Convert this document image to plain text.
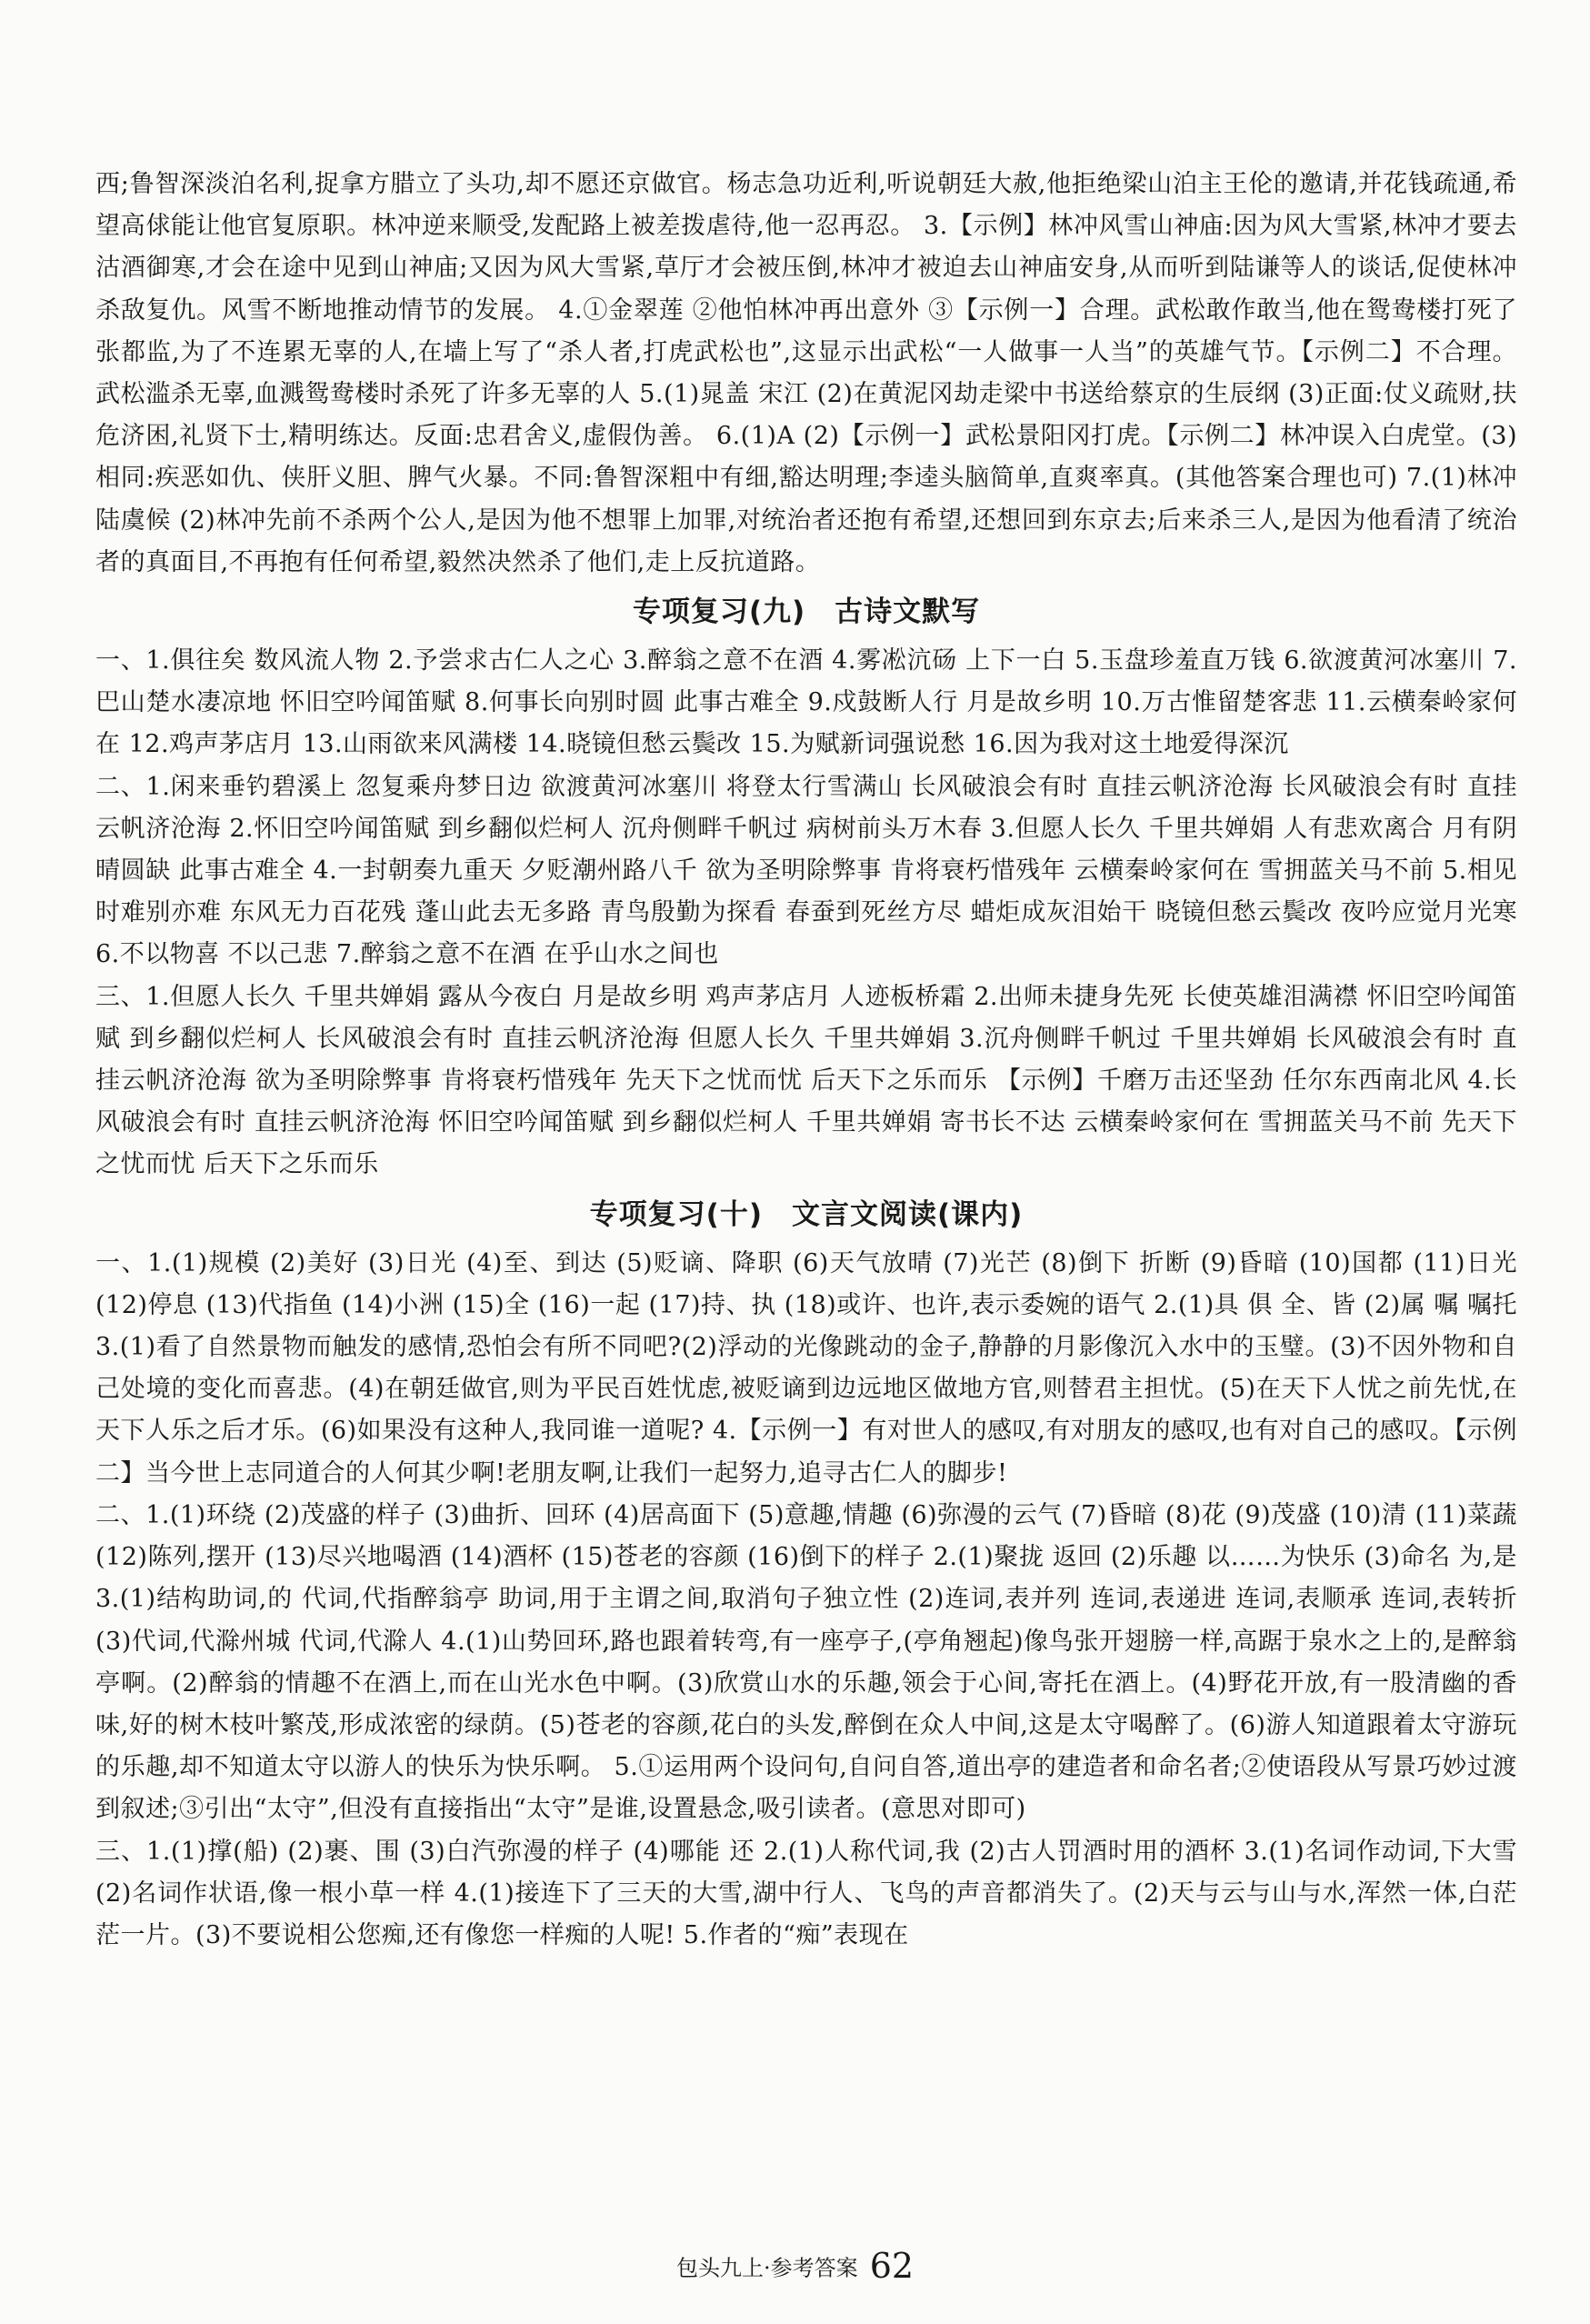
西;鲁智深淡泊名利,捉拿方腊立了头功,却不愿还京做官。杨志急功近利,听说朝廷大赦,他拒绝梁山泊主王伦的邀请,并花钱疏通,希望高俅能让他官复原职。林冲逆来顺受,发配路上被差拨虐待,他一忍再忍。 3.【示例】林冲风雪山神庙:因为风大雪紧,林冲才要去沽酒御寒,才会在途中见到山神庙;又因为风大雪紧,草厅才会被压倒,林冲才被迫去山神庙安身,从而听到陆谦等人的谈话,促使林冲杀敌复仇。风雪不断地推动情节的发展。 4.①金翠莲 ②他怕林冲再出意外 ③【示例一】合理。武松敢作敢当,他在鸳鸯楼打死了张都监,为了不连累无辜的人,在墙上写了“杀人者,打虎武松也”,这显示出武松“一人做事一人当”的英雄气节。【示例二】不合理。武松滥杀无辜,血溅鸳鸯楼时杀死了许多无辜的人 5.(1)晁盖 宋江 (2)在黄泥冈劫走梁中书送给蔡京的生辰纲 (3)正面:仗义疏财,扶危济困,礼贤下士,精明练达。反面:忠君舍义,虚假伪善。 6.(1)A (2)【示例一】武松景阳冈打虎。【示例二】林冲误入白虎堂。(3)相同:疾恶如仇、侠肝义胆、脾气火暴。不同:鲁智深粗中有细,豁达明理;李逵头脑简单,直爽率真。(其他答案合理也可) 7.(1)林冲 陆虞候 (2)林冲先前不杀两个公人,是因为他不想罪上加罪,对统治者还抱有希望,还想回到东京去;后来杀三人,是因为他看清了统治者的真面目,不再抱有任何希望,毅然决然杀了他们,走上反抗道路。

专项复习(九)　古诗文默写

一、1.俱往矣 数风流人物 2.予尝求古仁人之心 3.醉翁之意不在酒 4.雾凇沆砀 上下一白 5.玉盘珍羞直万钱 6.欲渡黄河冰塞川 7.巴山楚水凄凉地 怀旧空吟闻笛赋 8.何事长向别时圆 此事古难全 9.戍鼓断人行 月是故乡明 10.万古惟留楚客悲 11.云横秦岭家何在 12.鸡声茅店月 13.山雨欲来风满楼 14.晓镜但愁云鬓改 15.为赋新词强说愁 16.因为我对这土地爱得深沉

二、1.闲来垂钓碧溪上 忽复乘舟梦日边 欲渡黄河冰塞川 将登太行雪满山 长风破浪会有时 直挂云帆济沧海 长风破浪会有时 直挂云帆济沧海 2.怀旧空吟闻笛赋 到乡翻似烂柯人 沉舟侧畔千帆过 病树前头万木春 3.但愿人长久 千里共婵娟 人有悲欢离合 月有阴晴圆缺 此事古难全 4.一封朝奏九重天 夕贬潮州路八千 欲为圣明除弊事 肯将衰朽惜残年 云横秦岭家何在 雪拥蓝关马不前 5.相见时难别亦难 东风无力百花残 蓬山此去无多路 青鸟殷勤为探看 春蚕到死丝方尽 蜡炬成灰泪始干 晓镜但愁云鬓改 夜吟应觉月光寒 6.不以物喜 不以己悲 7.醉翁之意不在酒 在乎山水之间也

三、1.但愿人长久 千里共婵娟 露从今夜白 月是故乡明 鸡声茅店月 人迹板桥霜 2.出师未捷身先死 长使英雄泪满襟 怀旧空吟闻笛赋 到乡翻似烂柯人 长风破浪会有时 直挂云帆济沧海 但愿人长久 千里共婵娟 3.沉舟侧畔千帆过 千里共婵娟 长风破浪会有时 直挂云帆济沧海 欲为圣明除弊事 肯将衰朽惜残年 先天下之忧而忧 后天下之乐而乐 【示例】千磨万击还坚劲 任尔东西南北风 4.长风破浪会有时 直挂云帆济沧海 怀旧空吟闻笛赋 到乡翻似烂柯人 千里共婵娟 寄书长不达 云横秦岭家何在 雪拥蓝关马不前 先天下之忧而忧 后天下之乐而乐

专项复习(十)　文言文阅读(课内)

一、1.(1)规模 (2)美好 (3)日光 (4)至、到达 (5)贬谪、降职 (6)天气放晴 (7)光芒 (8)倒下 折断 (9)昏暗 (10)国都 (11)日光 (12)停息 (13)代指鱼 (14)小洲 (15)全 (16)一起 (17)持、执 (18)或许、也许,表示委婉的语气 2.(1)具 俱 全、皆 (2)属 嘱 嘱托 3.(1)看了自然景物而触发的感情,恐怕会有所不同吧?(2)浮动的光像跳动的金子,静静的月影像沉入水中的玉璧。(3)不因外物和自己处境的变化而喜悲。(4)在朝廷做官,则为平民百姓忧虑,被贬谪到边远地区做地方官,则替君主担忧。(5)在天下人忧之前先忧,在天下人乐之后才乐。(6)如果没有这种人,我同谁一道呢? 4.【示例一】有对世人的感叹,有对朋友的感叹,也有对自己的感叹。【示例二】当今世上志同道合的人何其少啊!老朋友啊,让我们一起努力,追寻古仁人的脚步!

二、1.(1)环绕 (2)茂盛的样子 (3)曲折、回环 (4)居高面下 (5)意趣,情趣 (6)弥漫的云气 (7)昏暗 (8)花 (9)茂盛 (10)清 (11)菜蔬 (12)陈列,摆开 (13)尽兴地喝酒 (14)酒杯 (15)苍老的容颜 (16)倒下的样子 2.(1)聚拢 返回 (2)乐趣 以……为快乐 (3)命名 为,是 3.(1)结构助词,的 代词,代指醉翁亭 助词,用于主谓之间,取消句子独立性 (2)连词,表并列 连词,表递进 连词,表顺承 连词,表转折 (3)代词,代滁州城 代词,代滁人 4.(1)山势回环,路也跟着转弯,有一座亭子,(亭角翘起)像鸟张开翅膀一样,高踞于泉水之上的,是醉翁亭啊。(2)醉翁的情趣不在酒上,而在山光水色中啊。(3)欣赏山水的乐趣,领会于心间,寄托在酒上。(4)野花开放,有一股清幽的香味,好的树木枝叶繁茂,形成浓密的绿荫。(5)苍老的容颜,花白的头发,醉倒在众人中间,这是太守喝醉了。(6)游人知道跟着太守游玩的乐趣,却不知道太守以游人的快乐为快乐啊。 5.①运用两个设问句,自问自答,道出亭的建造者和命名者;②使语段从写景巧妙过渡到叙述;③引出“太守”,但没有直接指出“太守”是谁,设置悬念,吸引读者。(意思对即可)

三、1.(1)撑(船) (2)裹、围 (3)白汽弥漫的样子 (4)哪能 还 2.(1)人称代词,我 (2)古人罚酒时用的酒杯 3.(1)名词作动词,下大雪 (2)名词作状语,像一根小草一样 4.(1)接连下了三天的大雪,湖中行人、飞鸟的声音都消失了。(2)天与云与山与水,浑然一体,白茫茫一片。(3)不要说相公您痴,还有像您一样痴的人呢! 5.作者的“痴”表现在

包头九上·参考答案 62
